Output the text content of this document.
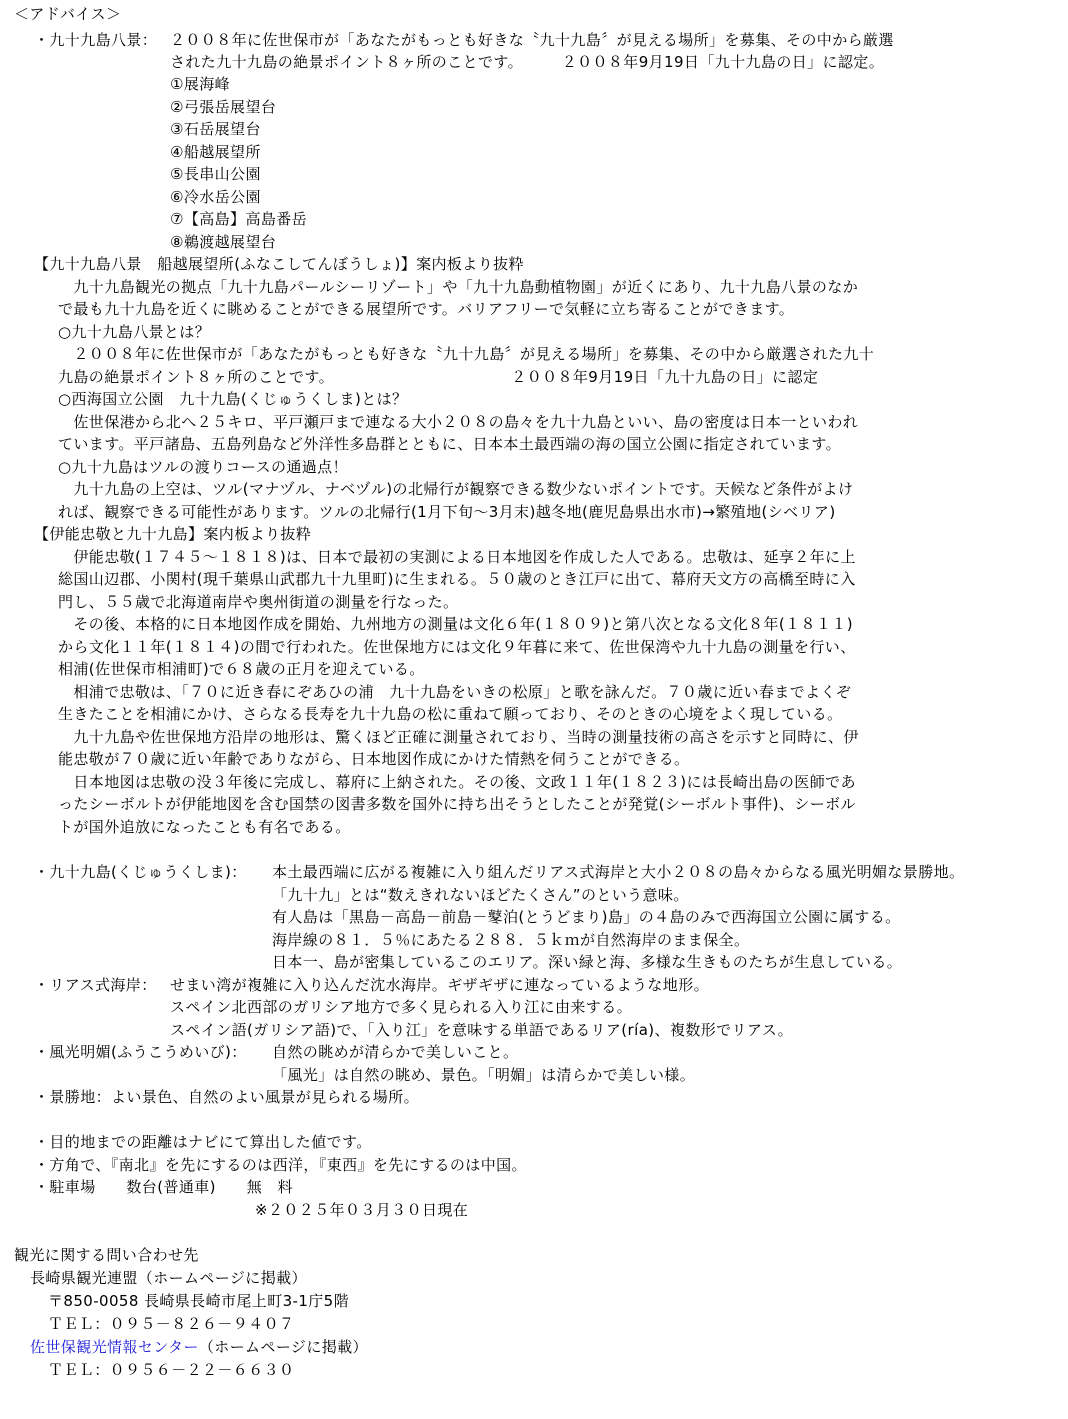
＜アドバイス＞
・九十九島八景： ２００８年に佐世保市が「あなたがもっとも好きな〝九十九島〞が見える場所」を募集、その中から厳選
された九十九島の絶景ポイント８ヶ所のことです。　　　２００８年9月19日「九十九島の日」に認定。
①展海峰
②弓張岳展望台
③石岳展望台
④船越展望所
⑤長串山公園
⑥冷水岳公園
⑦【高島】高島番岳
⑧鵜渡越展望台
【九十九島八景　船越展望所(ふなこしてんぼうしょ)】案内板より抜粋
　九十九島観光の拠点「九十九島パールシーリゾート」や「九十九島動植物園」が近くにあり、九十九島八景のなか
で最も九十九島を近くに眺めることができる展望所です。バリアフリーで気軽に立ち寄ることができます。
○九十九島八景とは？
　２００８年に佐世保市が「あなたがもっとも好きな〝九十九島〞が見える場所」を募集、その中から厳選された九十
九島の絶景ポイント８ヶ所のことです。　　　　　　　　　　　　２００８年9月19日「九十九島の日」に認定
○西海国立公園　九十九島(くじゅうくしま)とは？
　佐世保港から北へ２５キロ、平戸瀬戸まで連なる大小２０８の島々を九十九島といい、島の密度は日本一といわれ
ています。平戸諸島、五島列島など外洋性多島群とともに、日本本土最西端の海の国立公園に指定されています。
○九十九島はツルの渡りコースの通過点！
　九十九島の上空は、ツル(マナヅル、ナベヅル)の北帰行が観察できる数少ないポイントです。天候など条件がよけ
れば、観察できる可能性があります。ツルの北帰行(1月下旬～3月末)越冬地(鹿児島県出水市)→繁殖地(シベリア)
【伊能忠敬と九十九島】案内板より抜粋
　伊能忠敬(１７４５～１８１８)は、日本で最初の実測による日本地図を作成した人である。忠敬は、延享２年に上
総国山辺郡、小関村(現千葉県山武郡九十九里町)に生まれる。５０歳のとき江戸に出て、幕府天文方の高橋至時に入
門し、５５歳で北海道南岸や奥州街道の測量を行なった。
　その後、本格的に日本地図作成を開始、九州地方の測量は文化６年(１８０９)と第八次となる文化８年(１８１１)
から文化１１年(１８１４)の間で行われた。佐世保地方には文化９年暮に来て、佐世保湾や九十九島の測量を行い、
相浦(佐世保市相浦町)で６８歳の正月を迎えている。
　相浦で忠敬は、「７０に近き春にぞあひの浦　九十九島をいきの松原」と歌を詠んだ。７０歳に近い春までよくぞ
生きたことを相浦にかけ、さらなる長寿を九十九島の松に重ねて願っており、そのときの心境をよく現している。
　九十九島や佐世保地方沿岸の地形は、驚くほど正確に測量されており、当時の測量技術の高さを示すと同時に、伊
能忠敬が７０歳に近い年齢でありながら、日本地図作成にかけた情熱を伺うことができる。
　日本地図は忠敬の没３年後に完成し、幕府に上納された。その後、文政１１年(１８２３)には長崎出島の医師であ
ったシーボルトが伊能地図を含む国禁の図書多数を国外に持ち出そうとしたことが発覚(シーボルト事件)、シーボル
トが国外追放になったことも有名である。
・九十九島(くじゅうくしま)： 本土最西端に広がる複雑に入り組んだリアス式海岸と大小２０８の島々からなる風光明媚な景勝地。
「九十九」とは“数えきれないほどたくさん”のという意味。
有人島は「黒島－高島－前島－鼕泊(とうどまり)島」の４島のみで西海国立公園に属する。
海岸線の８１．５％にあたる２８８．５ｋｍが自然海岸のまま保全。
日本一、島が密集しているこのエリア。深い緑と海、多様な生きものたちが生息している。
・リアス式海岸： せまい湾が複雑に入り込んだ沈水海岸。ギザギザに連なっているような地形。
スペイン北西部のガリシア地方で多く見られる入り江に由来する。
スペイン語(ガリシア語)で、「入り江」を意味する単語であるリア(ría)、複数形でリアス。
・風光明媚(ふうこうめいび)： 自然の眺めが清らかで美しいこと。
「風光」は自然の眺め、景色。「明媚」は清らかで美しい様。
・景勝地：よい景色、自然のよい風景が見られる場所。
・目的地までの距離はナビにて算出した値です。
・方角で、『南北』を先にするのは西洋，『東西』を先にするのは中国。
・駐車場　　数台(普通車)　　無　料
※２０２５年０３月３０日現在
観光に関する問い合わせ先
長崎県観光連盟（ホームページに掲載）
〒850-0058 長崎県長崎市尾上町3-1庁5階
ＴＥＬ：０９５－８２６－９４０７
佐世保観光情報センター（ホームページに掲載）
ＴＥＬ：０９５６－２２－６６３０
